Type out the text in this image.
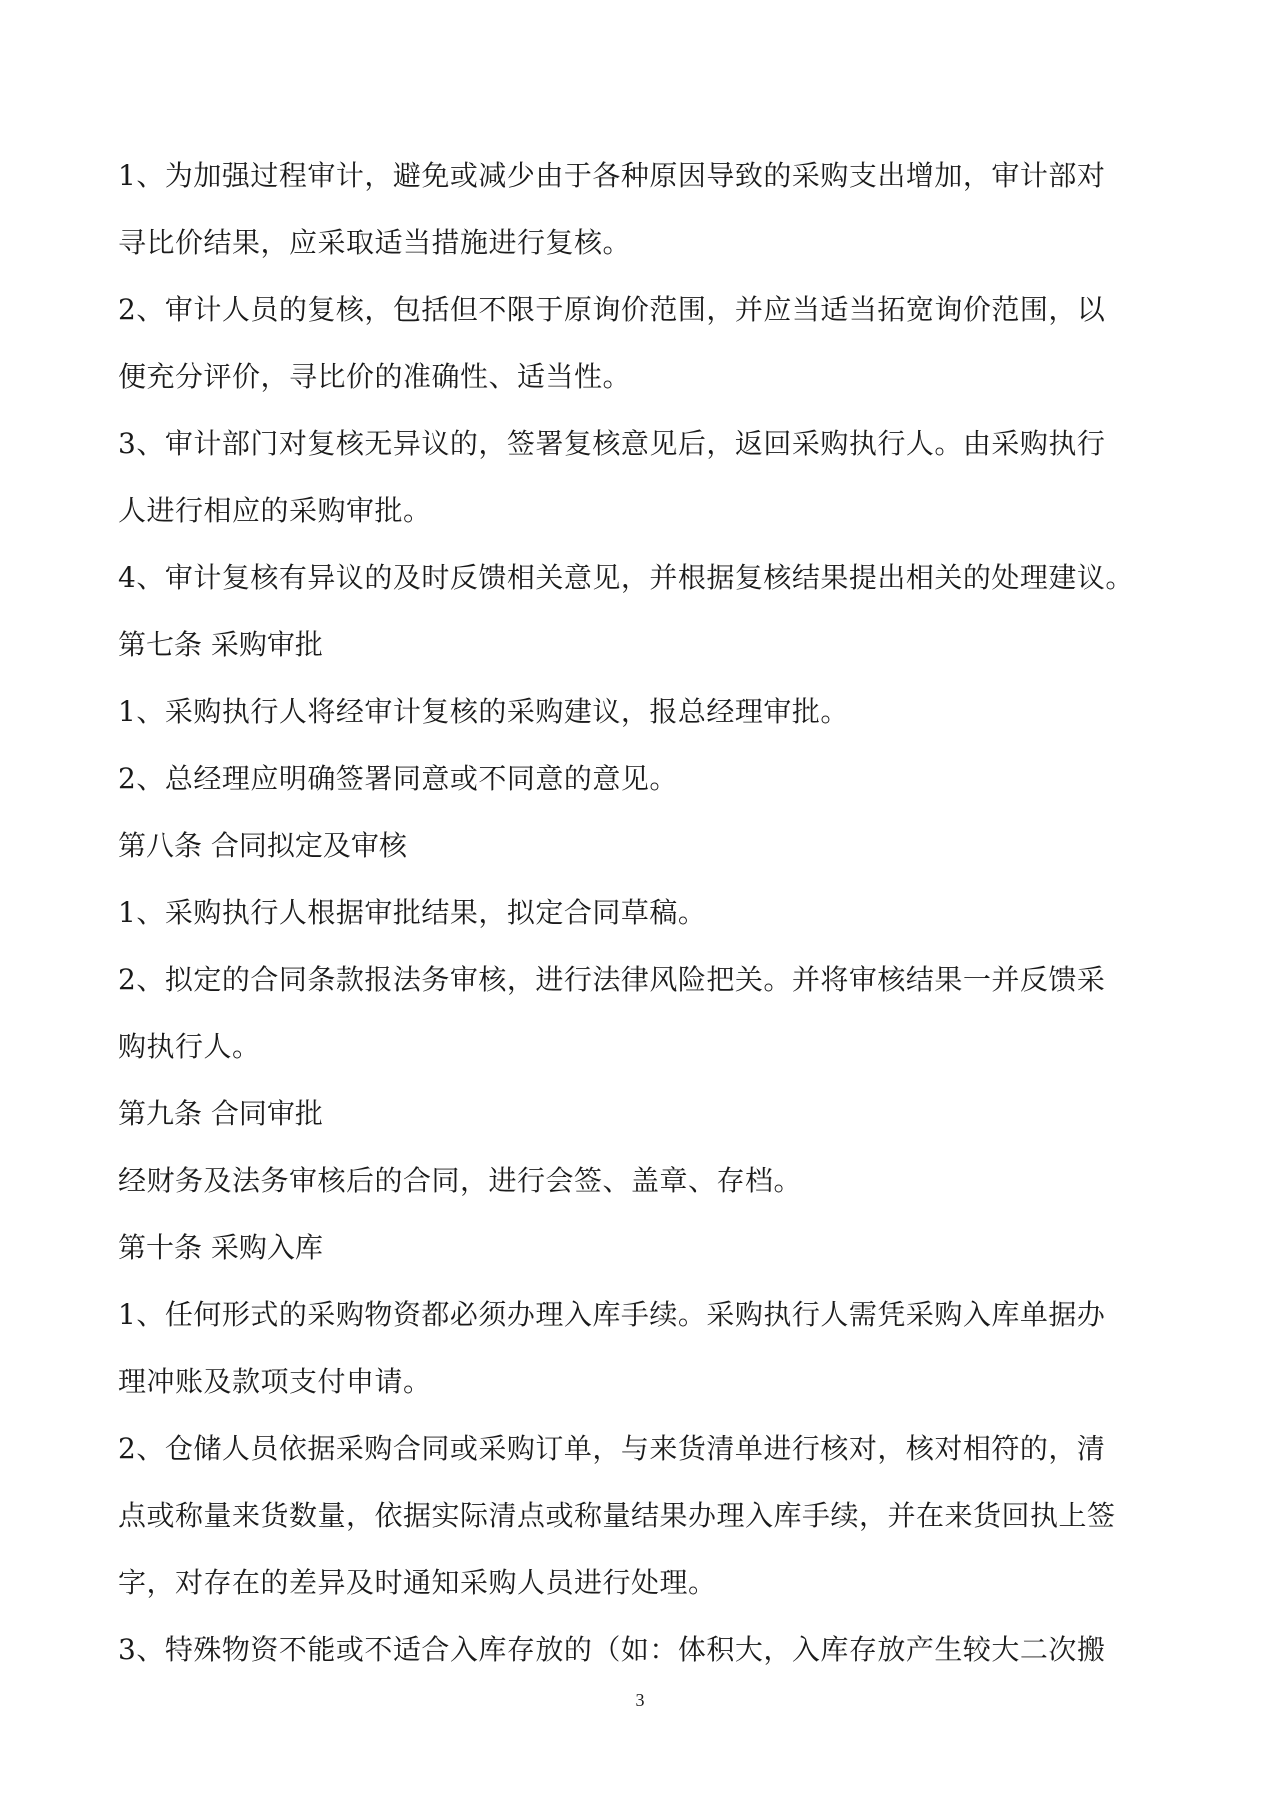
1、为加强过程审计，避免或减少由于各种原因导致的采购支出增加，审计部对
寻比价结果，应采取适当措施进行复核。
2、审计人员的复核，包括但不限于原询价范围，并应当适当拓宽询价范围，以
便充分评价，寻比价的准确性、适当性。
3、审计部门对复核无异议的，签署复核意见后，返回采购执行人。由采购执行
人进行相应的采购审批。
4、审计复核有异议的及时反馈相关意见，并根据复核结果提出相关的处理建议。
第七条 采购审批
1、采购执行人将经审计复核的采购建议，报总经理审批。
2、总经理应明确签署同意或不同意的意见。
第八条 合同拟定及审核
1、采购执行人根据审批结果，拟定合同草稿。
2、拟定的合同条款报法务审核，进行法律风险把关。并将审核结果一并反馈采
购执行人。
第九条 合同审批
经财务及法务审核后的合同，进行会签、盖章、存档。
第十条 采购入库
1、任何形式的采购物资都必须办理入库手续。采购执行人需凭采购入库单据办
理冲账及款项支付申请。
2、仓储人员依据采购合同或采购订单，与来货清单进行核对，核对相符的，清
点或称量来货数量，依据实际清点或称量结果办理入库手续，并在来货回执上签
字，对存在的差异及时通知采购人员进行处理。
3、特殊物资不能或不适合入库存放的（如：体积大，入库存放产生较大二次搬
3
